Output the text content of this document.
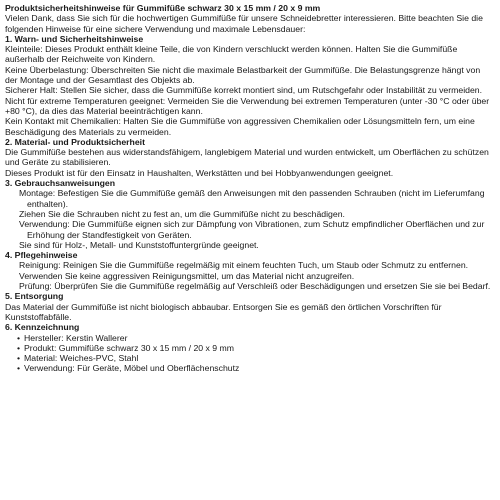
Produktsicherheitshinweise für Gummifüße schwarz 30 x 15 mm / 20 x 9 mm

Vielen Dank, dass Sie sich für die hochwertigen Gummifüße für unsere Schneidebretter interessieren. Bitte beachten Sie die folgenden Hinweise für eine sichere Verwendung und maximale Lebensdauer:

1. Warn- und Sicherheitshinweise

Kleinteile: Dieses Produkt enthält kleine Teile, die von Kindern verschluckt werden können. Halten Sie die Gummifüße außerhalb der Reichweite von Kindern.

Keine Überbelastung: Überschreiten Sie nicht die maximale Belastbarkeit der Gummifüße. Die Belastungsgrenze hängt von der Montage und der Gesamtlast des Objekts ab.

Sicherer Halt: Stellen Sie sicher, dass die Gummifüße korrekt montiert sind, um Rutschgefahr oder Instabilität zu vermeiden.

Nicht für extreme Temperaturen geeignet: Vermeiden Sie die Verwendung bei extremen Temperaturen (unter -30 °C oder über +80 °C), da dies das Material beeinträchtigen kann.

Kein Kontakt mit Chemikalien: Halten Sie die Gummifüße von aggressiven Chemikalien oder Lösungsmitteln fern, um eine Beschädigung des Materials zu vermeiden.

2. Material- und Produktsicherheit

Die Gummifüße bestehen aus widerstandsfähigem, langlebigem Material und wurden entwickelt, um Oberflächen zu schützen und Geräte zu stabilisieren.

Dieses Produkt ist für den Einsatz in Haushalten, Werkstätten und bei Hobbyanwendungen geeignet.

3. Gebrauchsanweisungen

Montage: Befestigen Sie die Gummifüße gemäß den Anweisungen mit den passenden Schrauben (nicht im Lieferumfang enthalten).

Ziehen Sie die Schrauben nicht zu fest an, um die Gummifüße nicht zu beschädigen.

Verwendung: Die Gummifüße eignen sich zur Dämpfung von Vibrationen, zum Schutz empfindlicher Oberflächen und zur Erhöhung der Standfestigkeit von Geräten.

Sie sind für Holz-, Metall- und Kunststoffuntergründe geeignet.

4. Pflegehinweise

Reinigung: Reinigen Sie die Gummifüße regelmäßig mit einem feuchten Tuch, um Staub oder Schmutz zu entfernen.

Verwenden Sie keine aggressiven Reinigungsmittel, um das Material nicht anzugreifen.

Prüfung: Überprüfen Sie die Gummifüße regelmäßig auf Verschleiß oder Beschädigungen und ersetzen Sie sie bei Bedarf.

5. Entsorgung

Das Material der Gummifüße ist nicht biologisch abbaubar. Entsorgen Sie es gemäß den örtlichen Vorschriften für Kunststoffabfälle.

6. Kennzeichnung

• Hersteller: Kerstin Wallerer
• Produkt: Gummifüße schwarz 30 x 15 mm / 20 x 9 mm
• Material: Weiches-PVC, Stahl
• Verwendung: Für Geräte, Möbel und Oberflächenschutz
